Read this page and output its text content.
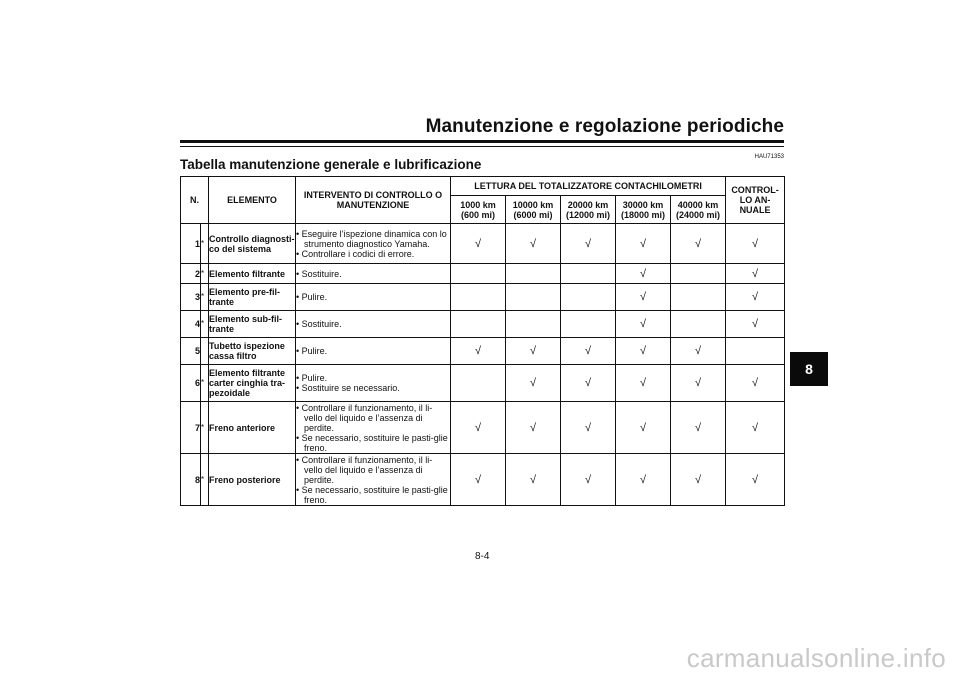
Manutenzione e regolazione periodiche
HAU71353
Tabella manutenzione generale e lubrificazione
N.		ELEMENTO	INTERVENTO DI CONTROLLO O MANUTENZIONE	LETTURA DEL TOTALIZZATORE CONTACHILOMETRI					CONTROL-LO AN-NUALE
				1000 km (600 mi)	10000 km (6000 mi)	20000 km (12000 mi)	30000 km (18000 mi)	40000 km (24000 mi)	
1	*	Controllo diagnosti-co del sistema	• Eseguire l’ispezione dinamica con lo strumento diagnostico Yamaha.
• Controllare i codici di errore.	√	√	√	√	√	√
2	*	Elemento filtrante	• Sostituire.				√		√
3	*	Elemento pre-fil-trante	• Pulire.				√		√
4	*	Elemento sub-fil-trante	• Sostituire.				√		√
5		Tubetto ispezione cassa filtro	• Pulire.	√	√	√	√	√	
6	*	Elemento filtrante carter cinghia tra-pezoidale	• Pulire.
• Sostituire se necessario.		√	√	√	√	√
7	*	Freno anteriore	• Controllare il funzionamento, il li-vello del liquido e l’assenza di perdite.
• Se necessario, sostituire le pasti-glie freno.	√	√	√	√	√	√
8	*	Freno posteriore	• Controllare il funzionamento, il li-vello del liquido e l’assenza di perdite.
• Se necessario, sostituire le pasti-glie freno.	√	√	√	√	√	√
8-4
8
carmanualsonline.info
